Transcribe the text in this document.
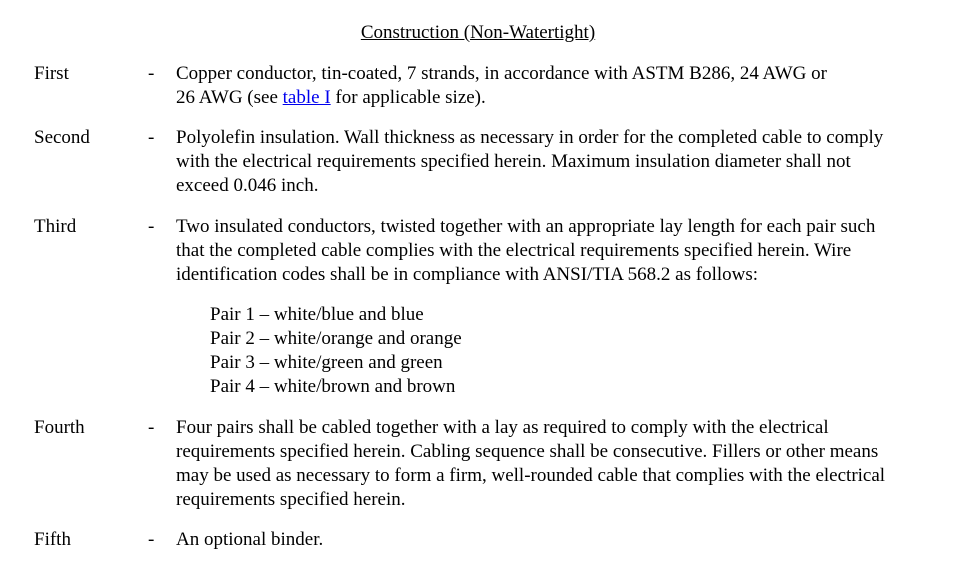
Construction (Non-Watertight)
First	- Copper conductor, tin-coated, 7 strands, in accordance with ASTM B286, 24 AWG or
26 AWG (see table I for applicable size).
Second	- Polyolefin insulation. Wall thickness as necessary in order for the completed cable to comply
with the electrical requirements specified herein. Maximum insulation diameter shall not
exceed 0.046 inch.
Third	- Two insulated conductors, twisted together with an appropriate lay length for each pair such
that the completed cable complies with the electrical requirements specified herein. Wire
identification codes shall be in compliance with ANSI/TIA 568.2 as follows:
Pair 1 – white/blue and blue
Pair 2 – white/orange and orange
Pair 3 – white/green and green
Pair 4 – white/brown and brown
Fourth	- Four pairs shall be cabled together with a lay as required to comply with the electrical
requirements specified herein. Cabling sequence shall be consecutive. Fillers or other means
may be used as necessary to form a firm, well-rounded cable that complies with the electrical
requirements specified herein.
Fifth	- An optional binder.
